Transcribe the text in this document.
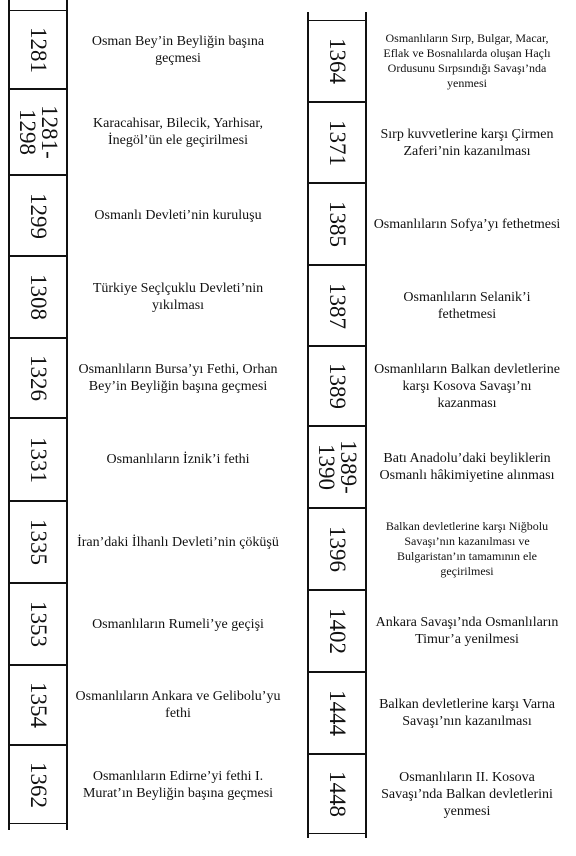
1281	Osman Bey’in Beyliğin başına geçmesi
1281-
1298	Karacahisar, Bilecik, Yarhisar, İnegöl’ün ele geçirilmesi
1299	Osmanlı Devleti’nin kuruluşu
1308	Türkiye Seçlçuklu Devleti’nin yıkılması
1326	Osmanlıların Bursa’yı Fethi, Orhan Bey’in Beyliğin başına geçmesi
1331	Osmanlıların İznik’i fethi
1335	İran’daki İlhanlı Devleti’nin çöküşü
1353	Osmanlıların Rumeli’ye geçişi
1354	Osmanlıların Ankara ve Gelibolu’yu fethi
1362	Osmanlıların Edirne’yi fethi I. Murat’ın Beyliğin başına geçmesi
1364	Osmanlıların Sırp, Bulgar, Macar, Eflak ve Bosnalılarda oluşan Haçlı Ordusunu Sırpsındığı Savaşı’nda yenmesi
1371	Sırp kuvvetlerine karşı Çirmen Zaferi’nin kazanılması
1385	Osmanlıların Sofya’yı fethetmesi
1387	Osmanlıların Selanik’i fethetmesi
1389	Osmanlıların Balkan devletlerine karşı Kosova Savaşı’nı kazanması
1389-
1390	Batı Anadolu’daki beyliklerin Osmanlı hâkimiyetine alınması
1396	Balkan devletlerine karşı Niğbolu Savaşı’nın kazanılması ve Bulgaristan’ın tamamının ele geçirilmesi
1402	Ankara Savaşı’nda Osmanlıların Timur’a yenilmesi
1444	Balkan devletlerine karşı Varna Savaşı’nın kazanılması
1448	Osmanlıların II. Kosova Savaşı’nda Balkan devletlerini yenmesi
